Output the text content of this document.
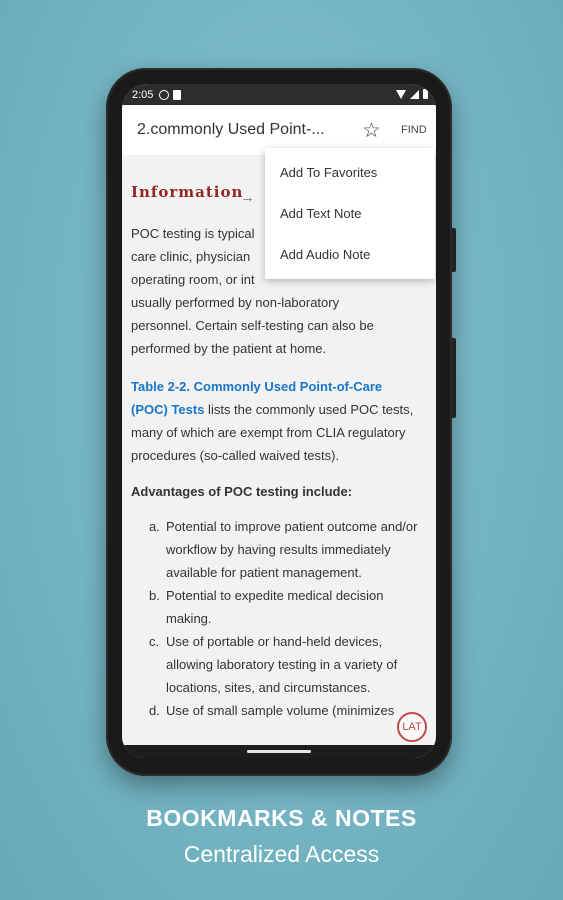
2:05
2.commonly Used Point-... ☆ FIND
Information
→
POC testing is typical
care clinic, physician
operating room, or int
usually performed by non-laboratory
personnel. Certain self-testing can also be
performed by the patient at home.
Table 2-2. Commonly Used Point-of-Care (POC) Tests lists the commonly used POC tests, many of which are exempt from CLIA regulatory procedures (so-called waived tests).
Advantages of POC testing include:
a. Potential to improve patient outcome and/or workflow by having results immediately available for patient management.
b. Potential to expedite medical decision making.
c. Use of portable or hand-held devices, allowing laboratory testing in a variety of locations, sites, and circumstances.
d. Use of small sample volume (minimizes
LAT
Add To Favorites
Add Text Note
Add Audio Note
BOOKMARKS & NOTES
Centralized Access
